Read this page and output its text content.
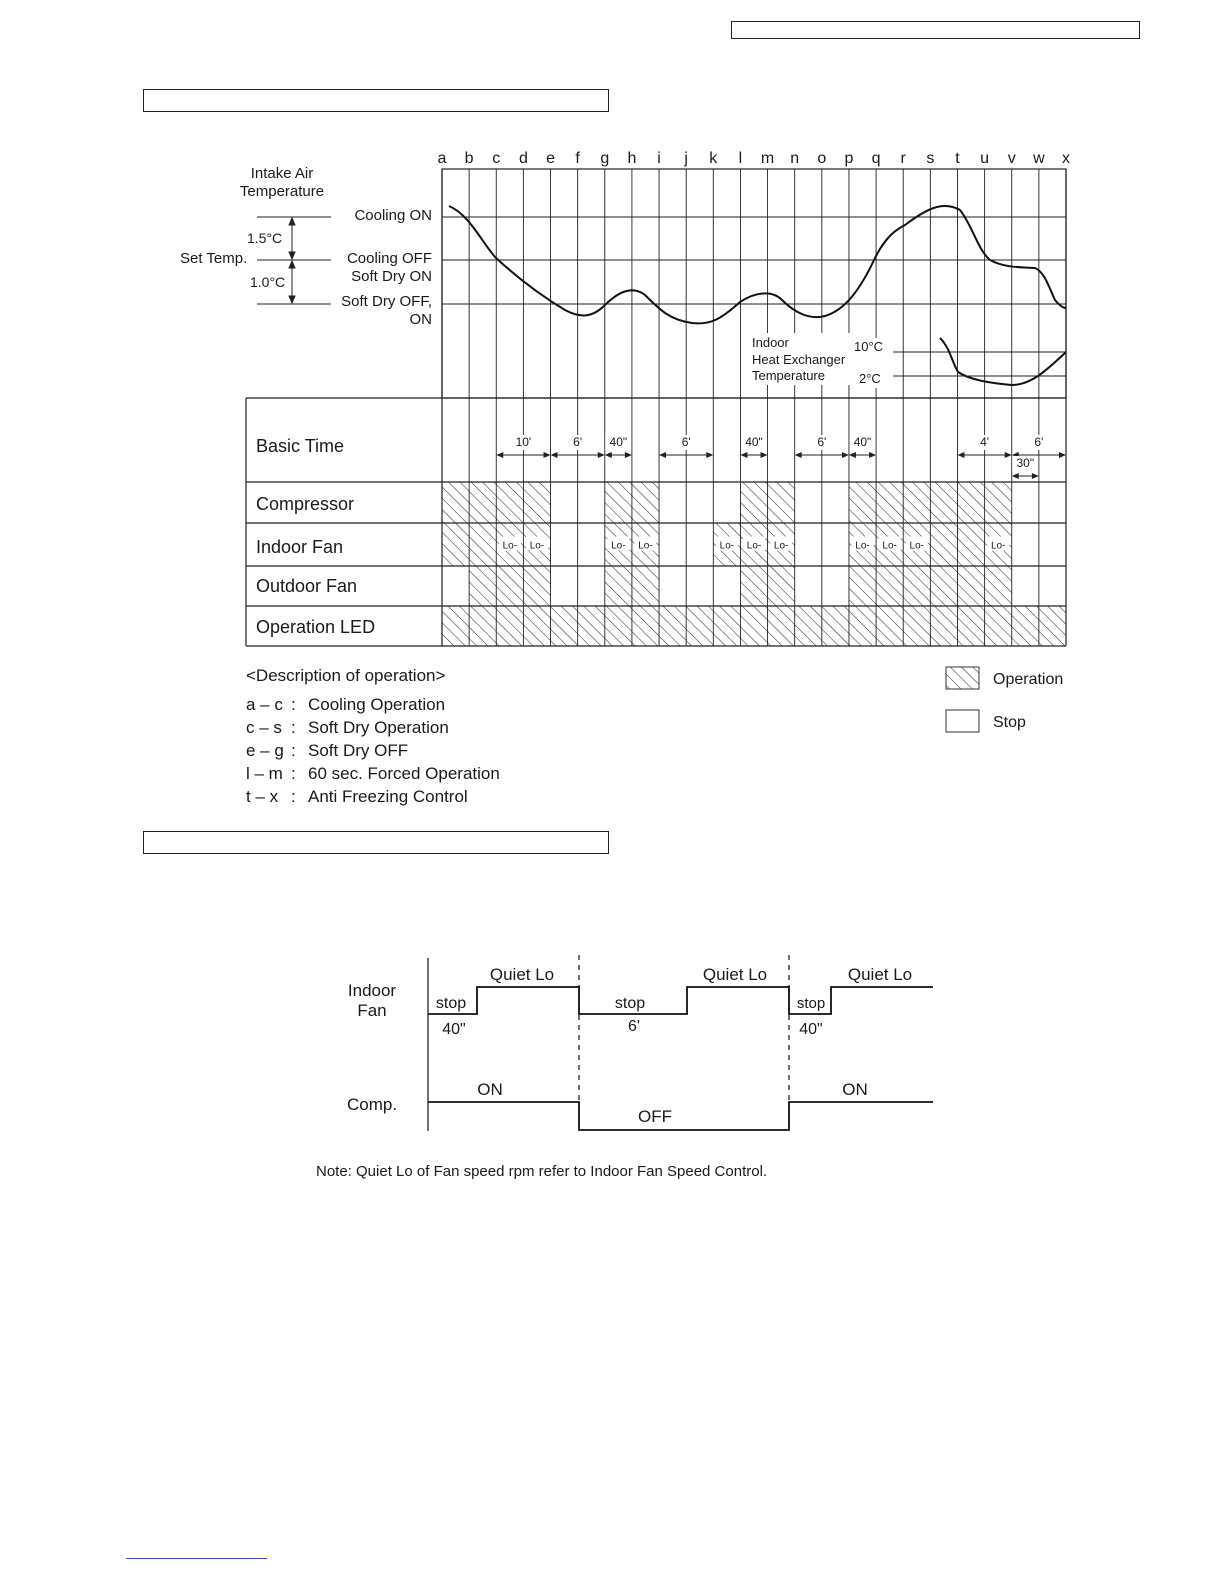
Intake Air
Temperature
Set Temp.
1.5°C
1.0°C
Cooling ON
Cooling OFF
Soft Dry ON
Soft Dry OFF,
ON
Indoor
Heat Exchanger
Temperature
10°C
2°C
Basic Time
Compressor
Indoor Fan
Outdoor Fan
Operation LED
a b c d e f g h i j k l m n o p q r s t u v w x
10'	6' 40"	6'	40"	6' 40"	4'	6'
30"
Lo- Lo-	Lo- Lo-	Lo- Lo- Lo-	Lo- Lo- Lo-	Lo-
Operation
Stop
<Description of operation>
a – c : Cooling Operation
c – s : Soft Dry Operation
e – g : Soft Dry OFF
l – m : 60 sec. Forced Operation
t – x : Anti Freezing Control
Indoor
Fan
Comp.
Quiet Lo	Quiet Lo	Quiet Lo
stop	stop	stop
40"	6'	40"
ON
OFF
ON
Note: Quiet Lo of Fan speed rpm refer to Indoor Fan Speed Control.
